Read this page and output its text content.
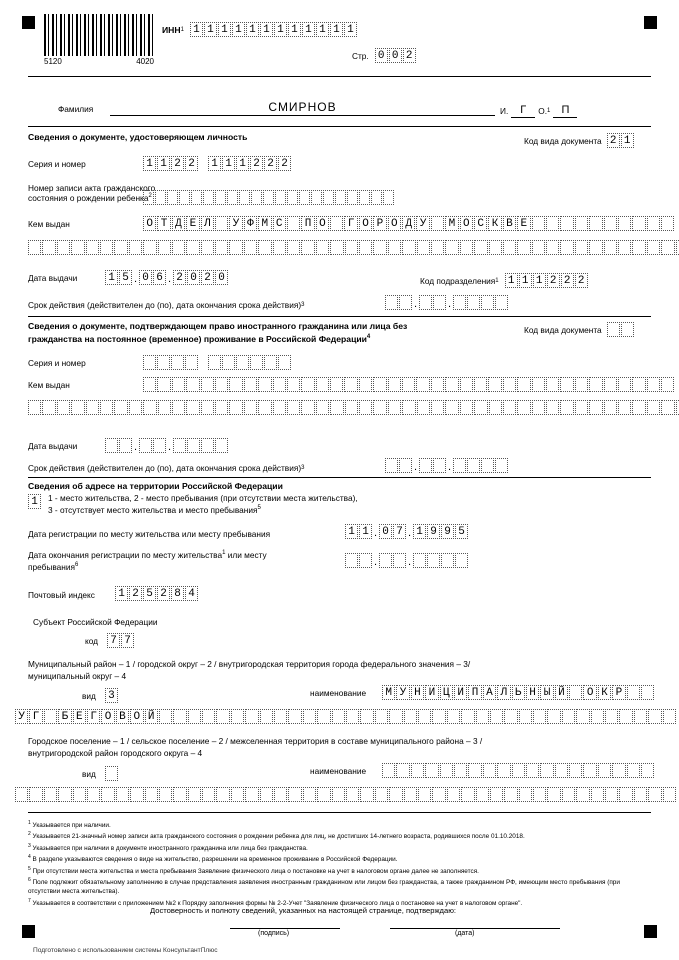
5120	4020
ИНН 1 1 1 1 1 1 1 1 1 1 1 1 1
Стр. 0 0 2
Фамилия	СМИРНОВ	И.	Г	О. 1	П
Сведения о документе, удостоверяющем личность	Код вида документа 2 1
Серия и номер	1 1 2 2 1 1 1 2 2 2
Номер записи акта гражданского
состояния о рождении ребенка$^2$
Кем выдан	О Т Д Е Л	У Ф М С	П О	Г О Р О Д У	М О С К В Е
Дата выдачи	1 5 . 0 6 . 2 0 2 0	Код подразделения 1 1 1 1 2 2 2
Срок действия (действителен до (по), дата окончания срока действия) 3	.	.
Сведения о документе, подтверждающем право иностранного гражданина или лица без
гражданства на постоянное (временное) проживание в Российской Федерации$^4$
Код вида документа
Серия и номер
Кем выдан
Дата выдачи	.	.
Срок действия (действителен до (по), дата окончания срока действия) 3	.	.
Сведения об адресе на территории Российской Федерации
1	1 - место жительства, 2 - место пребывания (при отсутствии места жительства),
3 - отсутствует место жительства и место пребывания$^5$
Дата регистрации по месту жительства или месту пребывания	1 1 . 0 7 . 1 9 9 5
Дата окончания регистрации по месту жительства$^1$ или месту
пребывания$^6$	.	.
Почтовый индекс 1 2 5 2 8 4
Субъект Российской Федерации
код 7 7
Муниципальный район – 1 / городской округ – 2 / внутригородская территория города федерального значения – 3/
муниципальный округ – 4
вид 3	наименование	М У Н И Ц И П А Л Ь Н Ы Й	О К Р
У Г	Б Е Г О В О Й
Городское поселение – 1 / сельское поселение – 2 / межселенная территория в составе муниципального района – 3 /
внутригородской район городского округа – 4
вид	наименование
$^1$ Указывается при наличии.
$^2$ Указывается 21-значный номер записи акта гражданского состояния о рождении ребенка для лиц, не достигших 14-летнего возраста, родившихся после 01.10.2018.
$^3$ Указывается при наличии в документе иностранного гражданина или лица без гражданства.
$^4$ В разделе указываются сведения о виде на жительство, разрешении на временное проживание в Российской Федерации.
$^5$ При отсутствии места жительства и места пребывания Заявление физического лица о постановке на учет в налоговом органе далее не заполняется.
$^6$ Поле подлежит обязательному заполнению в случае представления заявления иностранным гражданином или лицом без гражданства, а также гражданином РФ, имеющим место пребывания (при отсутствии места жительства).
$^7$ Указывается в соответствии с приложением №2 к Порядку заполнения формы № 2-2-Учет "Заявление физического лица о постановке на учет в налоговом органе".
Достоверность и полноту сведений, указанных на настоящей странице, подтверждаю:
(подпись)	(дата)
Подготовлено с использованием системы КонсультантПлюс
